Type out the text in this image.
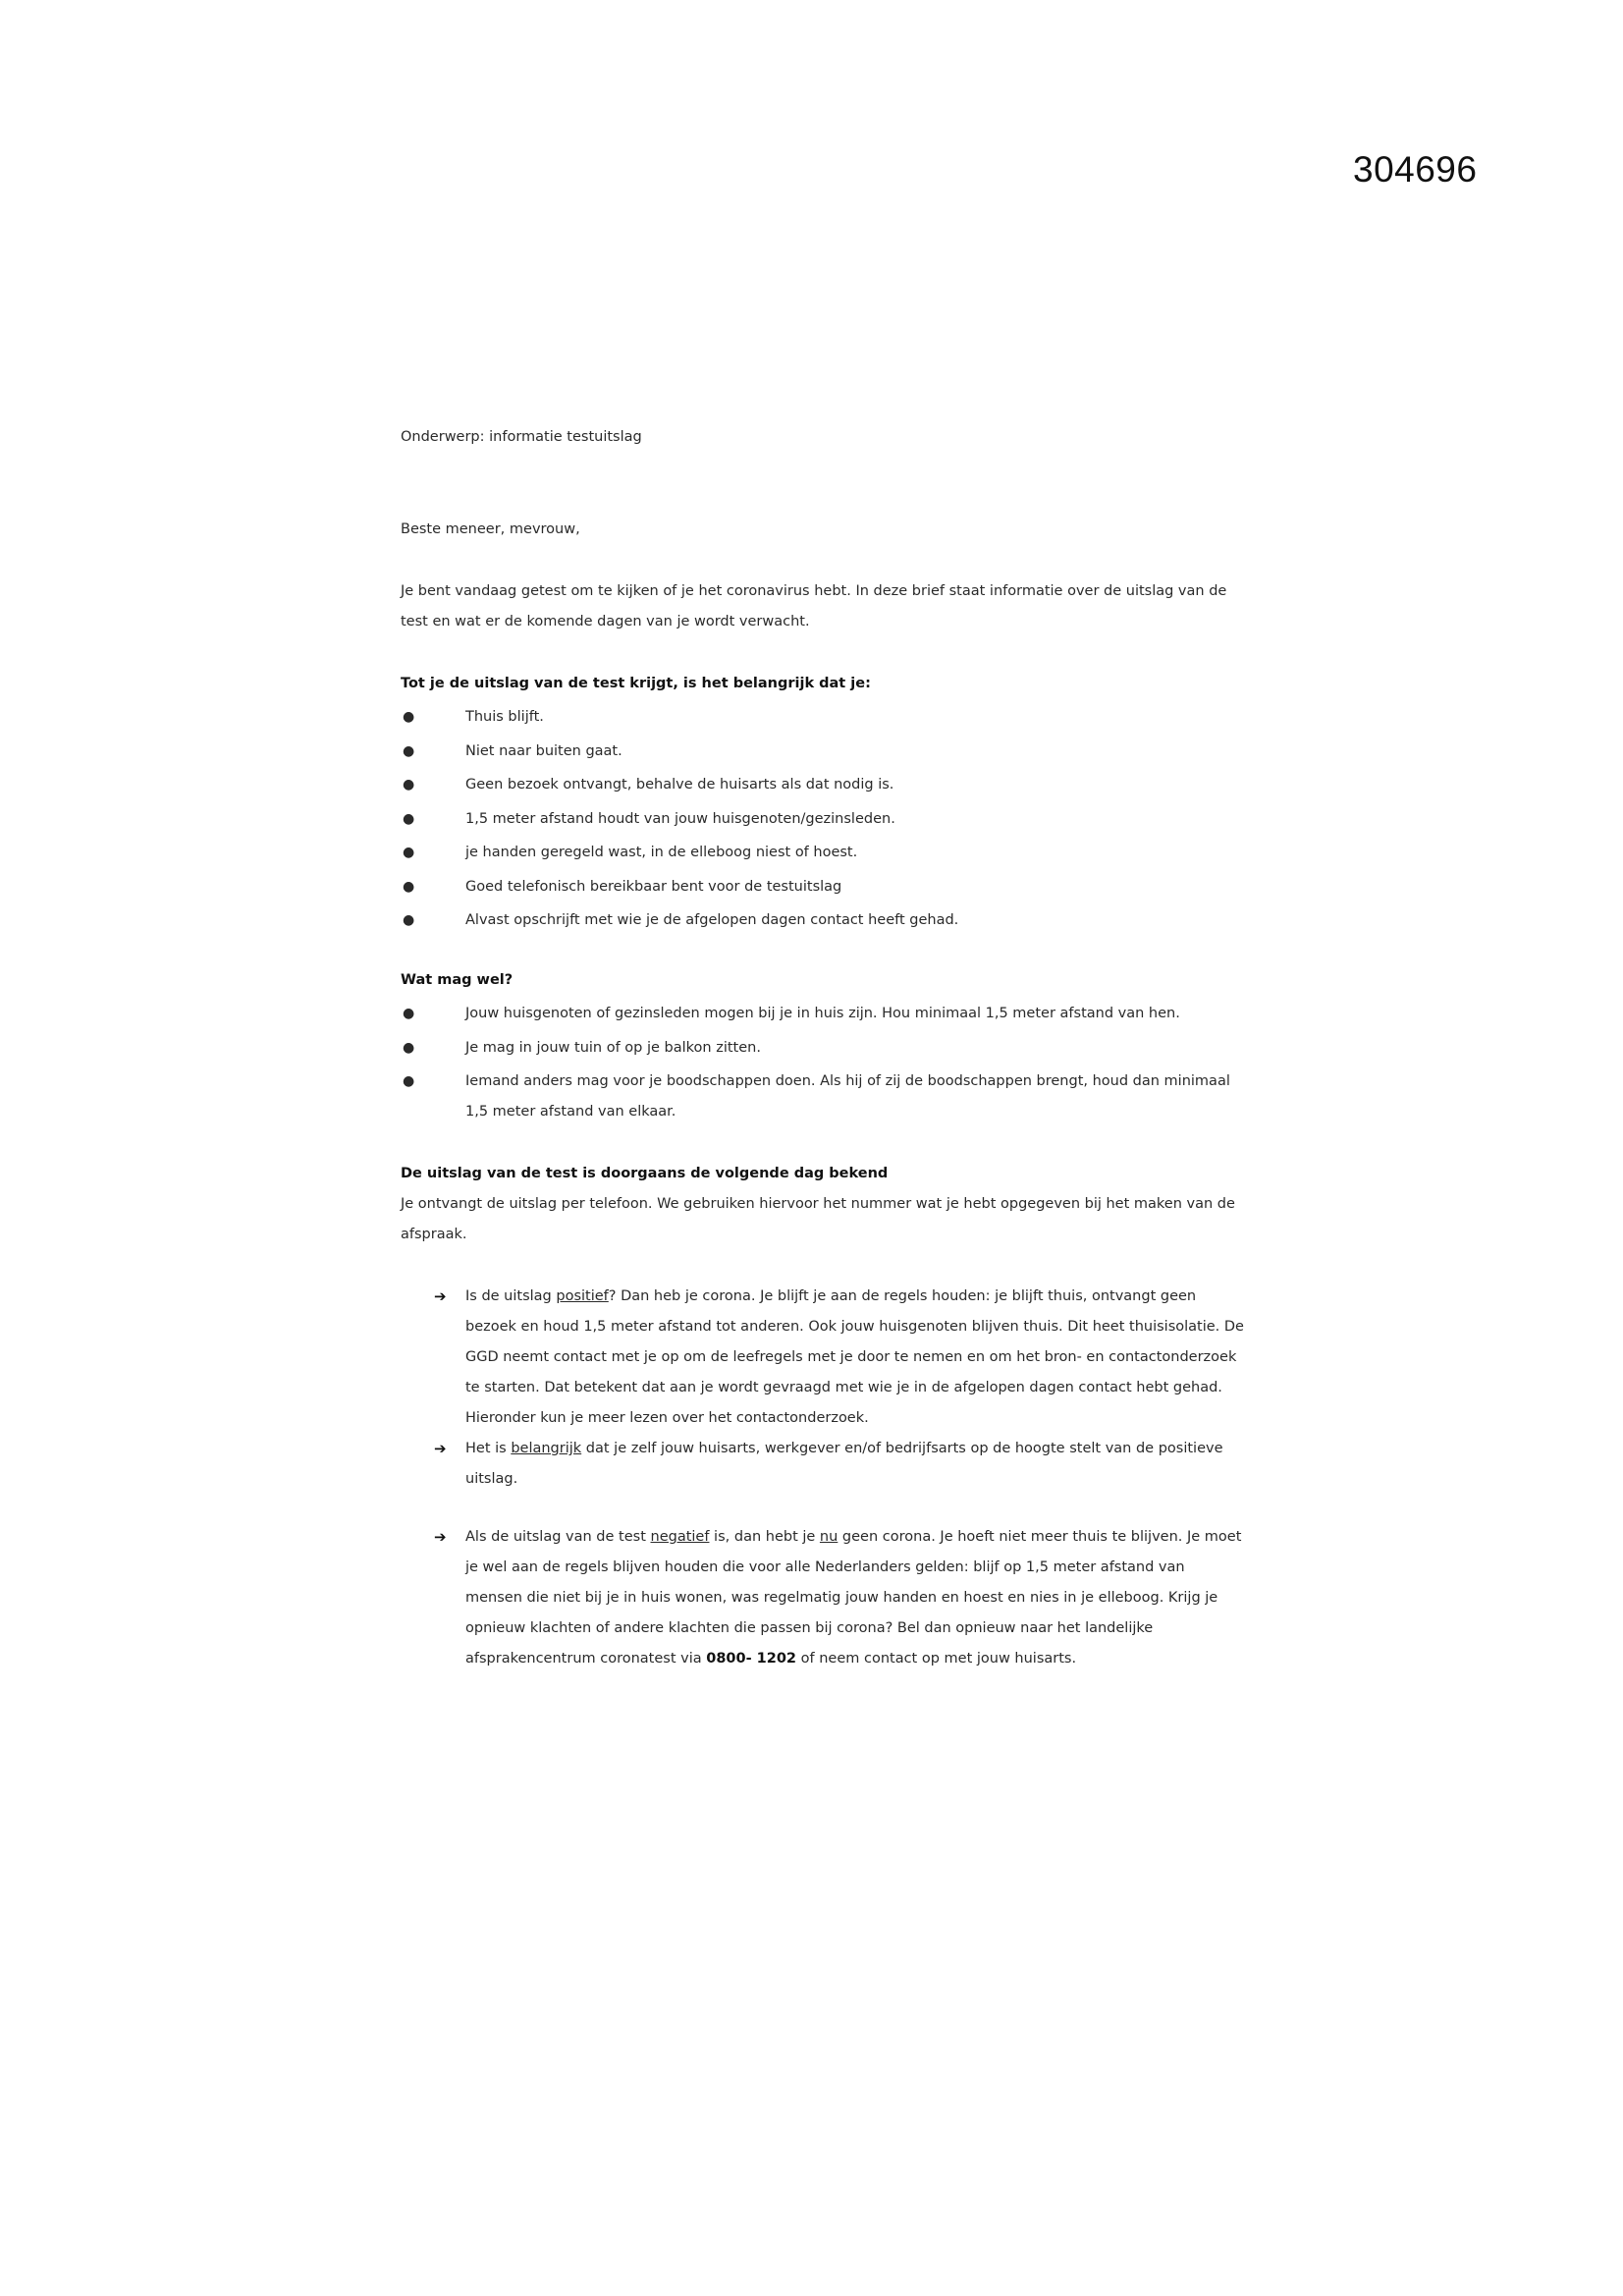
304696

Onderwerp: informatie testuitslag

Beste meneer, mevrouw,

Je bent vandaag getest om te kijken of je het coronavirus hebt. In deze brief staat informatie over de uitslag van de test en wat er de komende dagen van je wordt verwacht.

Tot je de uitslag van de test krijgt, is het belangrijk dat je:

●	Thuis blijft.
●	Niet naar buiten gaat.
●	Geen bezoek ontvangt, behalve de huisarts als dat nodig is.
●	1,5 meter afstand houdt van jouw huisgenoten/gezinsleden.
●	je handen geregeld wast, in de elleboog niest of hoest.
●	Goed telefonisch bereikbaar bent voor de testuitslag
●	Alvast opschrijft met wie je de afgelopen dagen contact heeft gehad.

Wat mag wel?

●	Jouw huisgenoten of gezinsleden mogen bij je in huis zijn. Hou minimaal 1,5 meter afstand van hen.
●	Je mag in jouw tuin of op je balkon zitten.
●	Iemand anders mag voor je boodschappen doen. Als hij of zij de boodschappen brengt, houd dan minimaal 1,5 meter afstand van elkaar.

De uitslag van de test is doorgaans de volgende dag bekend

Je ontvangt de uitslag per telefoon. We gebruiken hiervoor het nummer wat je hebt opgegeven bij het maken van de afspraak.

➔ Is de uitslag positief? Dan heb je corona. Je blijft je aan de regels houden: je blijft thuis, ontvangt geen bezoek en houd 1,5 meter afstand tot anderen. Ook jouw huisgenoten blijven thuis. Dit heet thuisisolatie. De GGD neemt contact met je op om de leefregels met je door te nemen en om het bron- en contactonderzoek te starten. Dat betekent dat aan je wordt gevraagd met wie je in de afgelopen dagen contact hebt gehad. Hieronder kun je meer lezen over het contactonderzoek.
➔ Het is belangrijk dat je zelf jouw huisarts, werkgever en/of bedrijfsarts op de hoogte stelt van de positieve uitslag.
➔ Als de uitslag van de test negatief is, dan hebt je nu geen corona. Je hoeft niet meer thuis te blijven. Je moet je wel aan de regels blijven houden die voor alle Nederlanders gelden: blijf op 1,5 meter afstand van mensen die niet bij je in huis wonen, was regelmatig jouw handen en hoest en nies in je elleboog. Krijg je opnieuw klachten of andere klachten die passen bij corona? Bel dan opnieuw naar het landelijke afsprakencentrum coronatest via 0800- 1202 of neem contact op met jouw huisarts.
